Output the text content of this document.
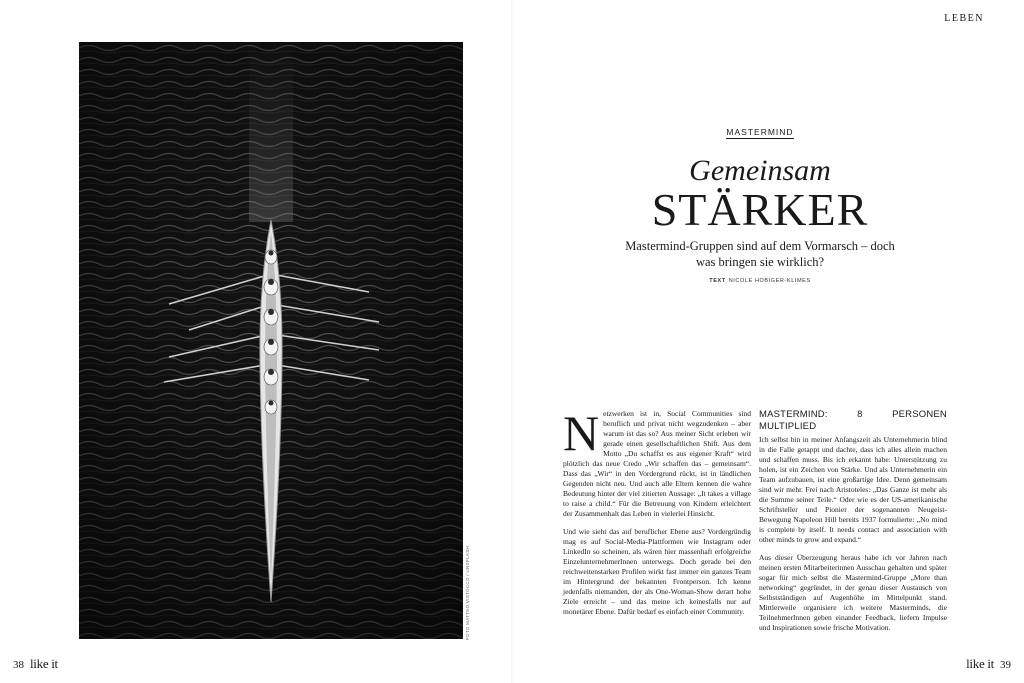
LEBEN
FOTO MATTEO VISTOCCO / UNSPLASH
MASTERMIND
Gemeinsam
STÄRKER
Mastermind-Gruppen sind auf dem Vormarsch – doch was bringen sie wirklich?
TEXT NICOLE HOBIGER-KLIMES

Netzwerken ist in, Social Communities sind beruflich und privat nicht wegzudenken – aber warum ist das so? Aus meiner Sicht erleben wir gerade einen gesellschaftlichen Shift. Aus dem Motto „Du schaffst es aus eigener Kraft“ wird plötzlich das neue Credo „Wir schaffen das – gemeinsam“. Dass das „Wir“ in den Vordergrund rückt, ist in ländlichen Gegenden nicht neu. Und auch alle Eltern kennen die wahre Bedeutung hinter der viel zitierten Aussage: „It takes a village to raise a child.“ Für die Betreuung von Kindern erleichtert der Zusammenhalt das Leben in vielerlei Hinsicht.

Und wie sieht das auf beruflicher Ebene aus? Vordergründig mag es auf Social-Media-Plattformen wie Instagram oder LinkedIn so scheinen, als wären hier massenhaft erfolgreiche EinzelunternehmerInnen unterwegs. Doch gerade bei den reichweitenstarken Profilen wirkt fast immer ein ganzes Team im Hintergrund der bekannten Frontperson. Ich kenne jedenfalls niemanden, der als One-Woman-Show derart hohe Ziele erreicht – und das meine ich keinesfalls nur auf monetärer Ebene. Dafür bedarf es einfach einer Community.

MASTERMIND: 8 PERSONEN MULTIPLIED

Ich selbst bin in meiner Anfangszeit als Unternehmerin blind in die Falle getappt und dachte, dass ich alles allein machen und schaffen muss. Bis ich erkannt habe: Unterstützung zu holen, ist ein Zeichen von Stärke. Und als Unternehmerin ein Team aufzubauen, ist eine großartige Idee. Denn gemeinsam sind wir mehr. Frei nach Aristoteles: „Das Ganze ist mehr als die Summe seiner Teile.“ Oder wie es der US-amerikanische Schriftsteller und Pionier der sogenannten Neugeist-Bewegung Napoleon Hill bereits 1937 formulierte: „No mind is complete by itself. It needs contact and association with other minds to grow and expand.“

Aus dieser Überzeugung heraus habe ich vor Jahren nach meinen ersten Mitarbeiterinnen Ausschau gehalten und später sogar für mich selbst die Mastermind-Gruppe „More than networking“ gegründet, in der genau dieser Austausch von Selbstständigen auf Augenhöhe im Mittelpunkt stand. Mittlerweile organisiere ich weitere Masterminds, die TeilnehmerInnen geben einander Feedback, liefern Impulse und Inspirationen sowie frische Motivation.

38 like it	like it 39
